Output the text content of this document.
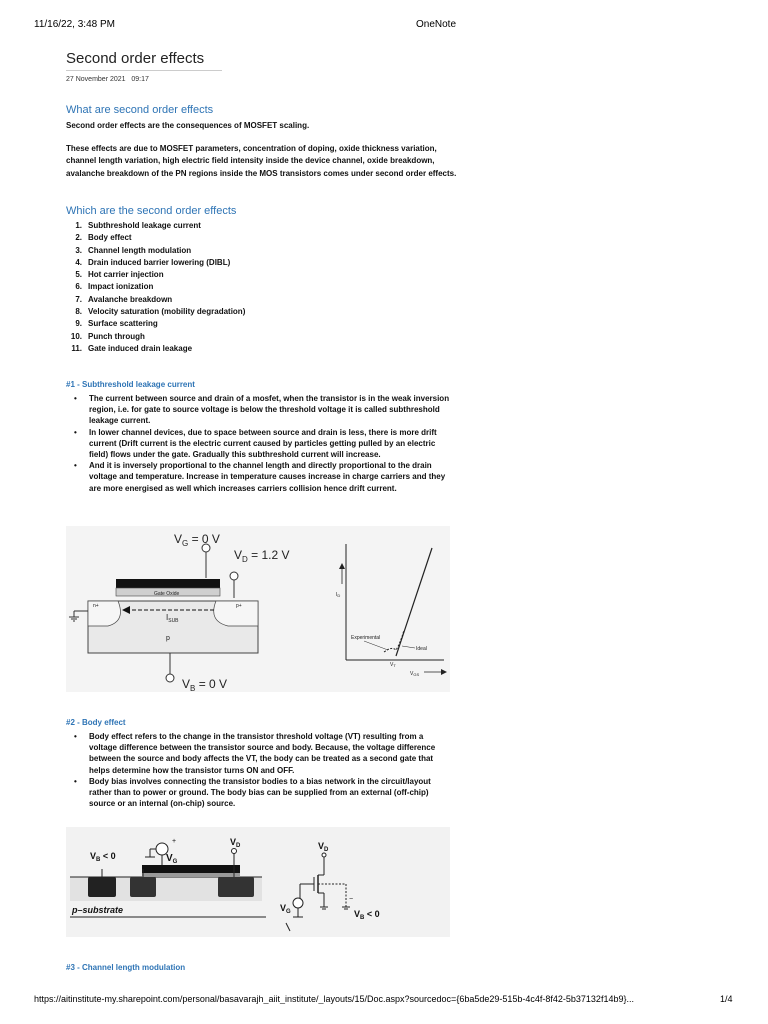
11/16/22, 3:48 PM	OneNote
Second order effects
27 November 2021 09:17
What are second order effects
Second order effects are the consequences of MOSFET scaling.
These effects are due to MOSFET parameters, concentration of doping, oxide thickness variation, channel length variation, high electric field intensity inside the device channel, oxide breakdown, avalanche breakdown of the PN regions inside the MOS transistors comes under second order effects.
Which are the second order effects
1. Subthreshold leakage current
2. Body effect
3. Channel length modulation
4. Drain induced barrier lowering (DIBL)
5. Hot carrier injection
6. Impact ionization
7. Avalanche breakdown
8. Velocity saturation (mobility degradation)
9. Surface scattering
10. Punch through
11. Gate induced drain leakage
#1 - Subthreshold leakage current
• The current between source and drain of a mosfet, when the transistor is in the weak inversion region, i.e. for gate to source voltage is below the threshold voltage it is called subthreshold leakage current.
• In lower channel devices, due to space between source and drain is less, there is more drift current (Drift current is the electric current caused by particles getting pulled by an electric field) flows under the gate. Gradually this subthreshold current will increase.
• And it is inversely proportional to the channel length and directly proportional to the drain voltage and temperature. Increase in temperature causes increase in charge carriers and they are more energised as well which increases carriers collision hence drift current.
$V_G = 0$ V
$V_D = 1.2$ V
Gate Oxide
n+	p+
$I_{SUB}$
p
$V_B = 0$ V
$I_D$
$V_{GS}$
Experimental
Ideal
$V_T$
#2 - Body effect
• Body effect refers to the change in the transistor threshold voltage (VT) resulting from a voltage difference between the transistor source and body. Because, the voltage difference between the source and body affects the VT, the body can be treated as a second gate that helps determine how the transistor turns ON and OFF.
• Body bias involves connecting the transistor bodies to a bias network in the circuit/layout rather than to power or ground. The body bias can be supplied from an external (off-chip) source or an internal (on-chip) source.
$V_B < 0$	$V_G$
$V_D$
+
p–substrate
$V_D$
$V_G$	$V_B < 0$
−
#3 - Channel length modulation
https://aitinstitute-my.sharepoint.com/personal/basavarajh_aiit_institute/_layouts/15/Doc.aspx?sourcedoc={6ba5de29-515b-4c4f-8f42-5b37132f14b9}...	1/4
